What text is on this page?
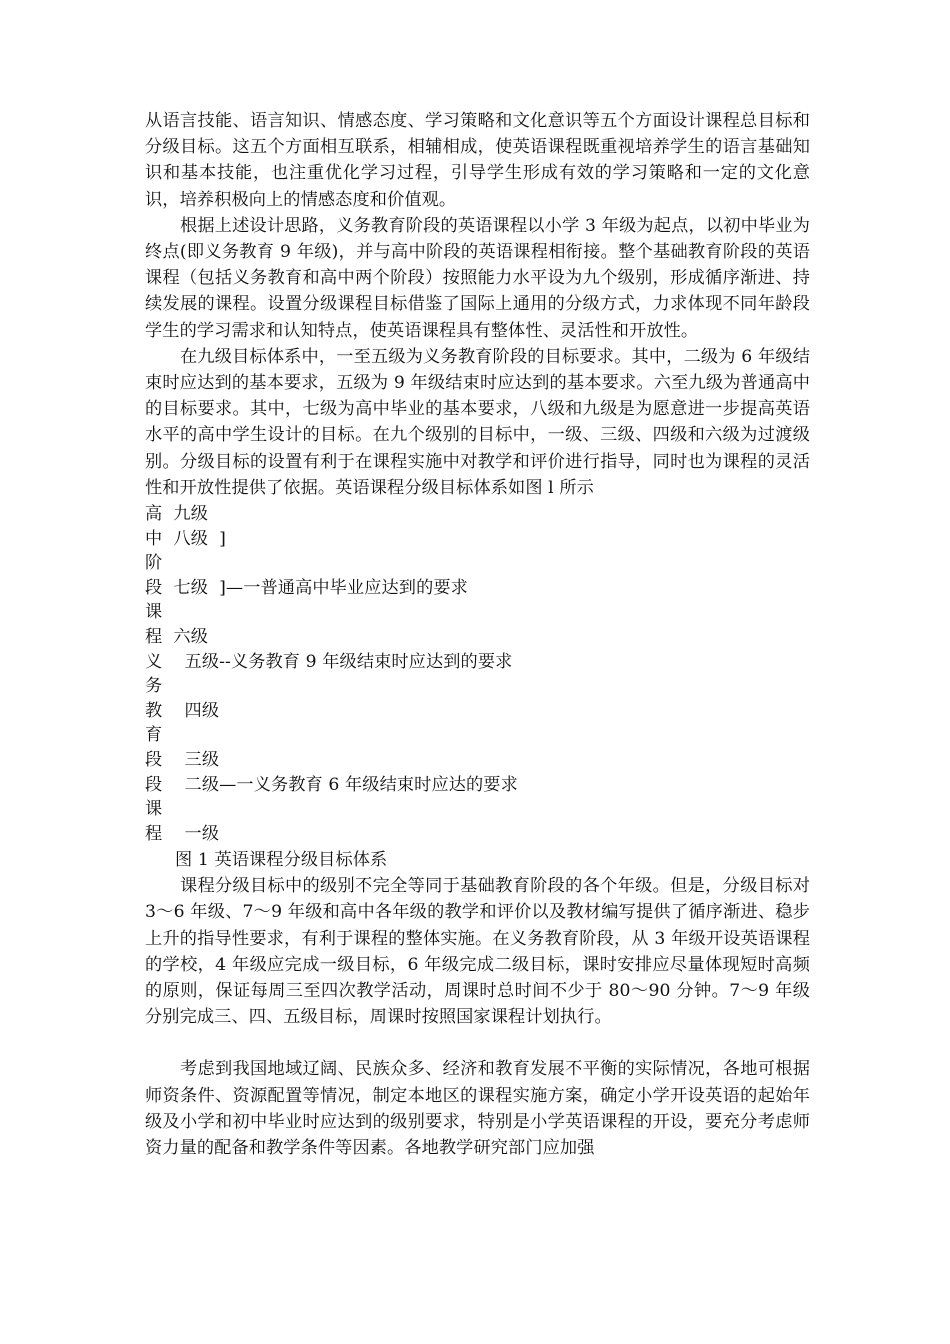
从语言技能、语言知识、情感态度、学习策略和文化意识等五个方面设计课程总目标和分级目标。这五个方面相互联系，相辅相成，使英语课程既重视培养学生的语言基础知识和基本技能，也注重优化学习过程，引导学生形成有效的学习策略和一定的文化意识，培养积极向上的情感态度和价值观。

根据上述设计思路，义务教育阶段的英语课程以小学 3 年级为起点，以初中毕业为终点(即义务教育 9 年级)，并与高中阶段的英语课程相衔接。整个基础教育阶段的英语课程（包括义务教育和高中两个阶段）按照能力水平设为九个级别，形成循序渐进、持续发展的课程。设置分级课程目标借鉴了国际上通用的分级方式，力求体现不同年龄段学生的学习需求和认知特点，使英语课程具有整体性、灵活性和开放性。

在九级目标体系中，一至五级为义务教育阶段的目标要求。其中，二级为 6 年级结束时应达到的基本要求，五级为 9 年级结束时应达到的基本要求。六至九级为普通高中的目标要求。其中，七级为高中毕业的基本要求，八级和九级是为愿意进一步提高英语水平的高中学生设计的目标。在九个级别的目标中，一级、三级、四级和六级为过渡级别。分级目标的设置有利于在课程实施中对教学和评价进行指导，同时也为课程的灵活性和开放性提供了依据。英语课程分级目标体系如图 l 所示

高  九级
中  八级  ]
阶
段  七级  ]—一普通高中毕业应达到的要求
课
程  六级
义    五级--义务教育 9 年级结束时应达到的要求
务
教    四级
育
段    三级
段    二级—一义务教育 6 年级结束时应达的要求
课
程    一级

图 1 英语课程分级目标体系

课程分级目标中的级别不完全等同于基础教育阶段的各个年级。但是，分级目标对 3～6 年级、7～9 年级和高中各年级的教学和评价以及教材编写提供了循序渐进、稳步上升的指导性要求，有利于课程的整体实施。在义务教育阶段，从 3 年级开设英语课程的学校，4 年级应完成一级目标，6 年级完成二级目标，课时安排应尽量体现短时高频的原则，保证每周三至四次教学活动，周课时总时间不少于 80～90 分钟。7～9 年级分别完成三、四、五级目标，周课时按照国家课程计划执行。

考虑到我国地域辽阔、民族众多、经济和教育发展不平衡的实际情况，各地可根据师资条件、资源配置等情况，制定本地区的课程实施方案，确定小学开设英语的起始年级及小学和初中毕业时应达到的级别要求，特别是小学英语课程的开设，要充分考虑师资力量的配备和教学条件等因素。各地教学研究部门应加强
